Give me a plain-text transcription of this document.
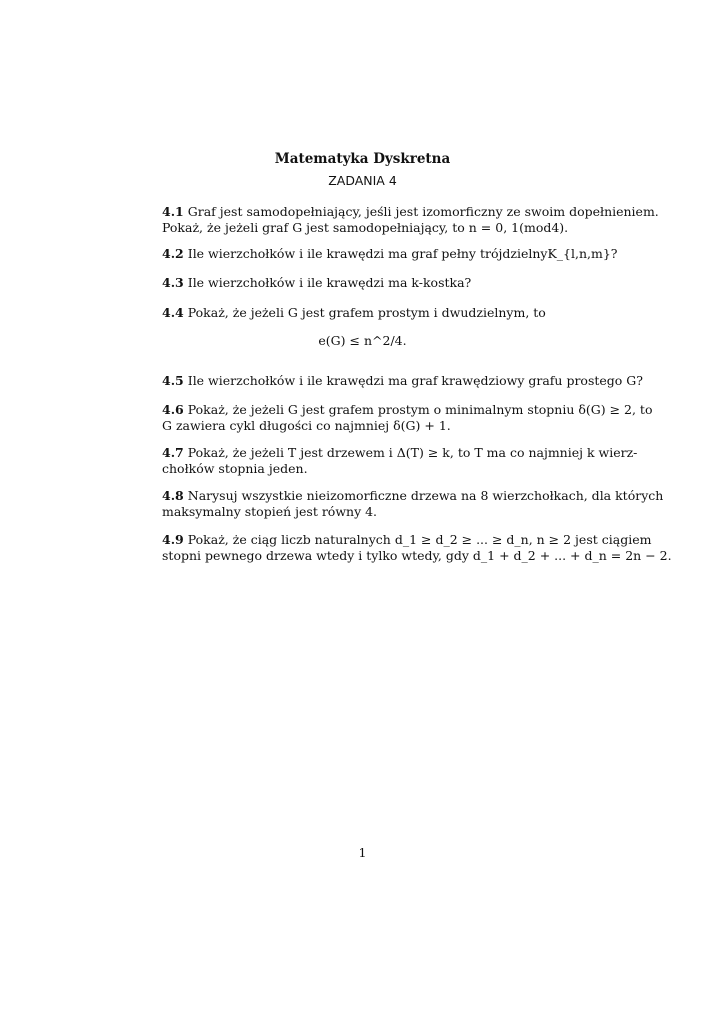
Matematyka Dyskretna
ZADANIA 4
4.1 Graf jest samodopełniający, jeśli jest izomorficzny ze swoim dopełnieniem.
Pokaż, że jeżeli graf G jest samodopełniający, to n = 0, 1(mod4).
4.2 Ile wierzchołków i ile krawędzi ma graf pełny trójdzielnyK_{l,n,m}?
4.3 Ile wierzchołków i ile krawędzi ma k-kostka?
4.4 Pokaż, że jeżeli G jest grafem prostym i dwudzielnym, to
e(G) ≤ n^2/4.
4.5 Ile wierzchołków i ile krawędzi ma graf krawędziowy grafu prostego G?
4.6 Pokaż, że jeżeli G jest grafem prostym o minimalnym stopniu δ(G) ≥ 2, to
G zawiera cykl długości co najmniej δ(G) + 1.
4.7 Pokaż, że jeżeli T jest drzewem i Δ(T) ≥ k, to T ma co najmniej k wierz-
chołków stopnia jeden.
4.8 Narysuj wszystkie nieizomorficzne drzewa na 8 wierzchołkach, dla których
maksymalny stopień jest równy 4.
4.9 Pokaż, że ciąg liczb naturalnych d_1 ≥ d_2 ≥ ... ≥ d_n, n ≥ 2 jest ciągiem
stopni pewnego drzewa wtedy i tylko wtedy, gdy d_1 + d_2 + ... + d_n = 2n − 2.
1
